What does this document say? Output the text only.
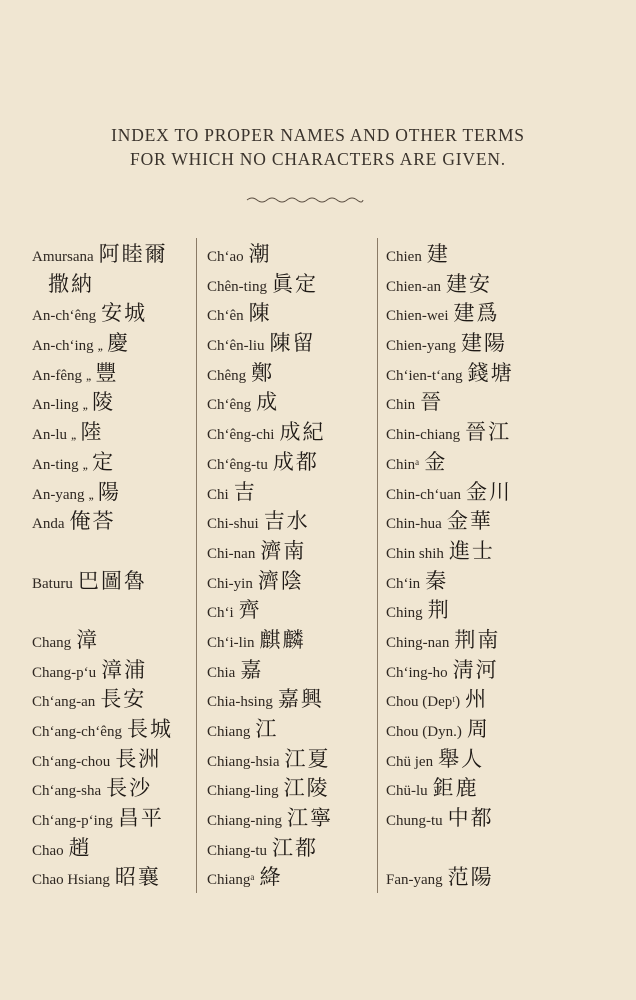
INDEX TO PROPER NAMES AND OTHER TERMS
FOR WHICH NO CHARACTERS ARE GIVEN.
Amursana 阿睦爾
撒納
An-chʻêng 安城
An-chʻing ,, 慶
An-fêng ,, 豐
An-ling ,, 陵
An-lu ,, 陸
An-ting ,, 定
An-yang ,, 陽
Anda 俺荅
Baturu 巴圖魯
Chang 漳
Chang-pʻu 漳浦
Chʻang-an 長安
Chʻang-chʻêng 長城
Chʻang-chou 長洲
Chʻang-sha 長沙
Chʻang-pʻing 昌平
Chao 趙
Chao Hsiang 昭襄
Chʻao 潮
Chên-ting 眞定
Chʻên 陳
Chʻên-liu 陳留
Chêng 鄭
Chʻêng 成
Chʻêng-chi 成紀
Chʻêng-tu 成都
Chi 吉
Chi-shui 吉水
Chi-nan 濟南
Chi-yin 濟陰
Chʻi 齊
Chʻi-lin 麒麟
Chia 嘉
Chia-hsing 嘉興
Chiang 江
Chiang-hsia 江夏
Chiang-ling 江陵
Chiang-ning 江寧
Chiang-tu 江都
Chiangᵃ 絳
Chien 建
Chien-an 建安
Chien-wei 建爲
Chien-yang 建陽
Chʻien-tʻang 錢塘
Chin 晉
Chin-chiang 晉江
Chinᵃ 金
Chin-chʻuan 金川
Chin-hua 金華
Chin shih 進士
Chʻin 秦
Ching 荆
Ching-nan 荆南
Chʻing-ho 淸河
Chou (Depᵗ) 州
Chou (Dyn.) 周
Chü jen 舉人
Chü-lu 鉅鹿
Chung-tu 中都
Fan-yang 范陽
